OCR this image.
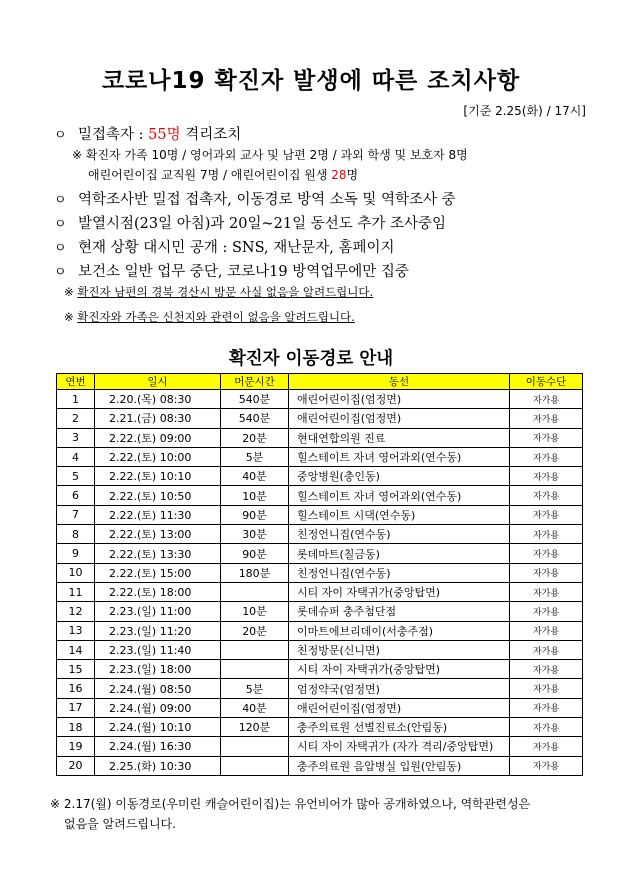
코로나19 확진자 발생에 따른 조치사항
[기준 2.25(화) / 17시]
ㅇ 밀접촉자 : 55명 격리조치
※ 확진자 가족 10명 / 영어과외 교사 및 남편 2명 / 과외 학생 및 보호자 8명
애린어린이집 교직원 7명 / 애린어린이집 원생 28명
ㅇ 역학조사반 밀접 접촉자, 이동경로 방역 소독 및 역학조사 중
ㅇ 발열시점(23일 아침)과 20일~21일 동선도 추가 조사중임
ㅇ 현재 상황 대시민 공개 : SNS, 재난문자, 홈페이지
ㅇ 보건소 일반 업무 중단, 코로나19 방역업무에만 집중
※ 확진자 남편의 경북 경산시 방문 사실 없음을 알려드립니다.
※ 확진자와 가족은 신천지와 관련이 없음을 알려드립니다.
확진자 이동경로 안내
연번	일시	머문시간	동선	이동수단
1	2.20.(목) 08:30	540분	애린어린이집(엄정면)	자가용
2	2.21.(금) 08:30	540분	애린어린이집(엄정면)	자가용
3	2.22.(토) 09:00	20분	현대연합의원 진료	자가용
4	2.22.(토) 10:00	5분	힐스테이트 자녀 영어과외(연수동)	자가용
5	2.22.(토) 10:10	40분	중앙병원(충인동)	자가용
6	2.22.(토) 10:50	10분	힐스테이트 자녀 영어과외(연수동)	자가용
7	2.22.(토) 11:30	90분	힐스테이트 시댁(연수동)	자가용
8	2.22.(토) 13:00	30분	친정언니집(연수동)	자가용
9	2.22.(토) 13:30	90분	롯데마트(칠금동)	자가용
10	2.22.(토) 15:00	180분	친정언니집(연수동)	자가용
11	2.22.(토) 18:00		시티 자이 자택귀가(중앙탑면)	자가용
12	2.23.(일) 11:00	10분	롯데슈퍼 충주첨단점	자가용
13	2.23.(일) 11:20	20분	이마트에브리데이(서충주점)	자가용
14	2.23.(일) 11:40		친정방문(신니면)	자가용
15	2.23.(일) 18:00		시티 자이 자택귀가(중앙탑면)	자가용
16	2.24.(월) 08:50	5분	엄정약국(엄정면)	자가용
17	2.24.(월) 09:00	40분	애린어린이집(엄정면)	자가용
18	2.24.(월) 10:10	120분	충주의료원 선별진료소(안림동)	자가용
19	2.24.(월) 16:30		시티 자이 자택귀가 (자가 격리/중앙탑면)	자가용
20	2.25.(화) 10:30		충주의료원 음압병실 입원(안림동)	자가용
※ 2.17(월) 이동경로(우미린 캐슬어린이집)는 유언비어가 많아 공개하였으나, 역학관련성은
없음을 알려드립니다.
